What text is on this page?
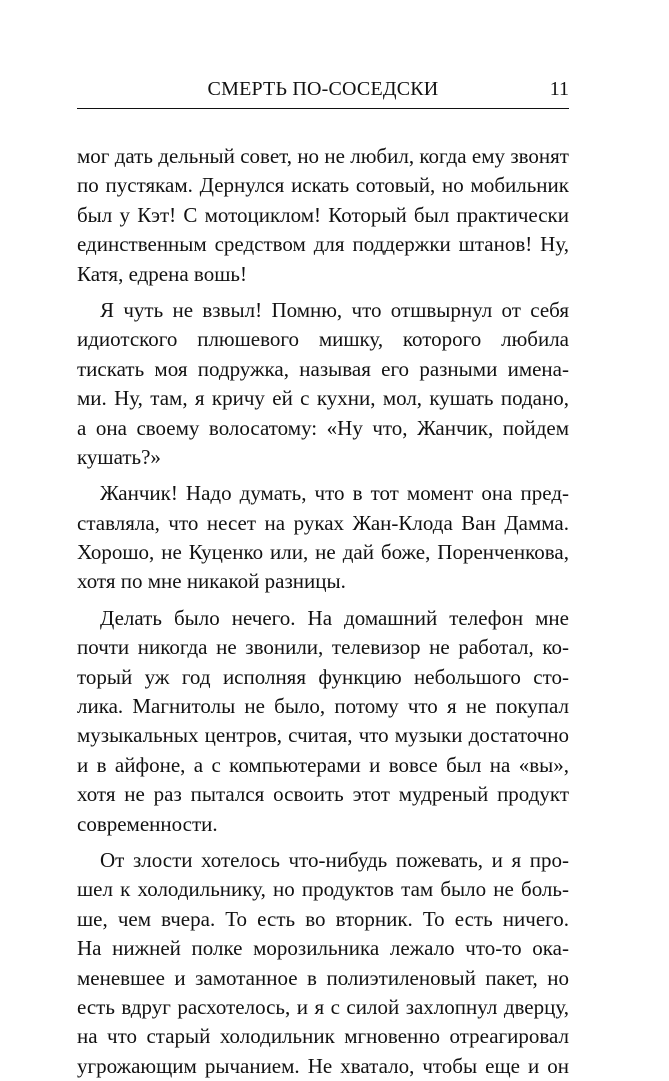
СМЕРТЬ ПО-СОСЕДСКИ	11
мог дать дельный совет, но не любил, когда ему звонят
по пустякам. Дернулся искать сотовый, но мобильник
был у Кэт! С мотоциклом! Который был практически
единственным средством для поддержки штанов! Ну,
Катя, едрена вошь!
Я чуть не взвыл! Помню, что отшвырнул от себя
идиотского плюшевого мишку, которого любила
тискать моя подружка, называя его разными имена-
ми. Ну, там, я кричу ей с кухни, мол, кушать подано,
а она своему волосатому: «Ну что, Жанчик, пойдем
кушать?»
Жанчик! Надо думать, что в тот момент она пред-
ставляла, что несет на руках Жан-Клода Ван Дамма.
Хорошо, не Куценко или, не дай боже, Поренченкова,
хотя по мне никакой разницы.
Делать было нечего. На домашний телефон мне
почти никогда не звонили, телевизор не работал, ко-
торый уж год исполняя функцию небольшого сто-
лика. Магнитолы не было, потому что я не покупал
музыкальных центров, считая, что музыки достаточно
и в айфоне, а с компьютерами и вовсе был на «вы»,
хотя не раз пытался освоить этот мудреный продукт
современности.
От злости хотелось что-нибудь пожевать, и я про-
шел к холодильнику, но продуктов там было не боль-
ше, чем вчера. То есть во вторник. То есть ничего.
На нижней полке морозильника лежало что-то ока-
меневшее и замотанное в полиэтиленовый пакет, но
есть вдруг расхотелось, и я с силой захлопнул дверцу,
на что старый холодильник мгновенно отреагировал
угрожающим рычанием. Не хватало, чтобы еще и он
